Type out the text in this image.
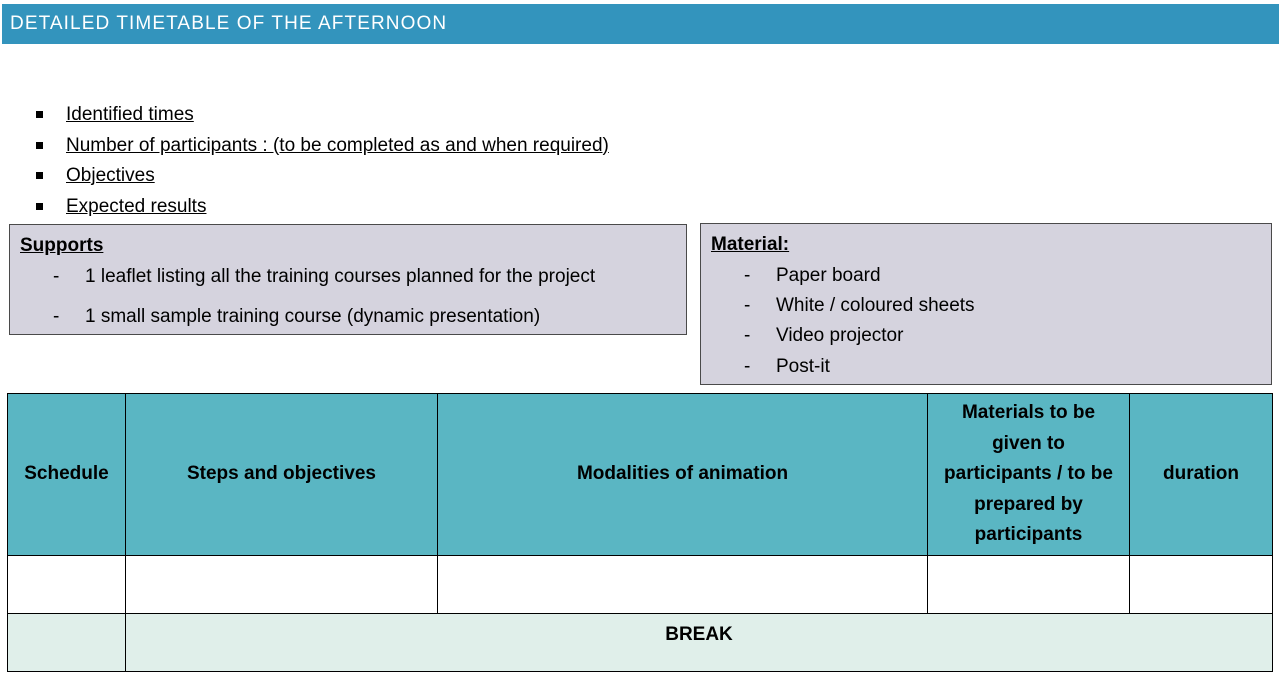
DETAILED TIMETABLE OF THE AFTERNOON
Identified times
Number of participants : (to be completed as and when required)
Objectives
Expected results
Supports
- 1 leaflet listing all the training courses planned for the project
- 1 small sample training course (dynamic presentation)
Material:
- Paper board
- White / coloured sheets
- Video projector
- Post-it
Schedule	Steps and objectives	Modalities of animation	Materials to be given to participants / to be prepared by participants	duration

	BREAK			
